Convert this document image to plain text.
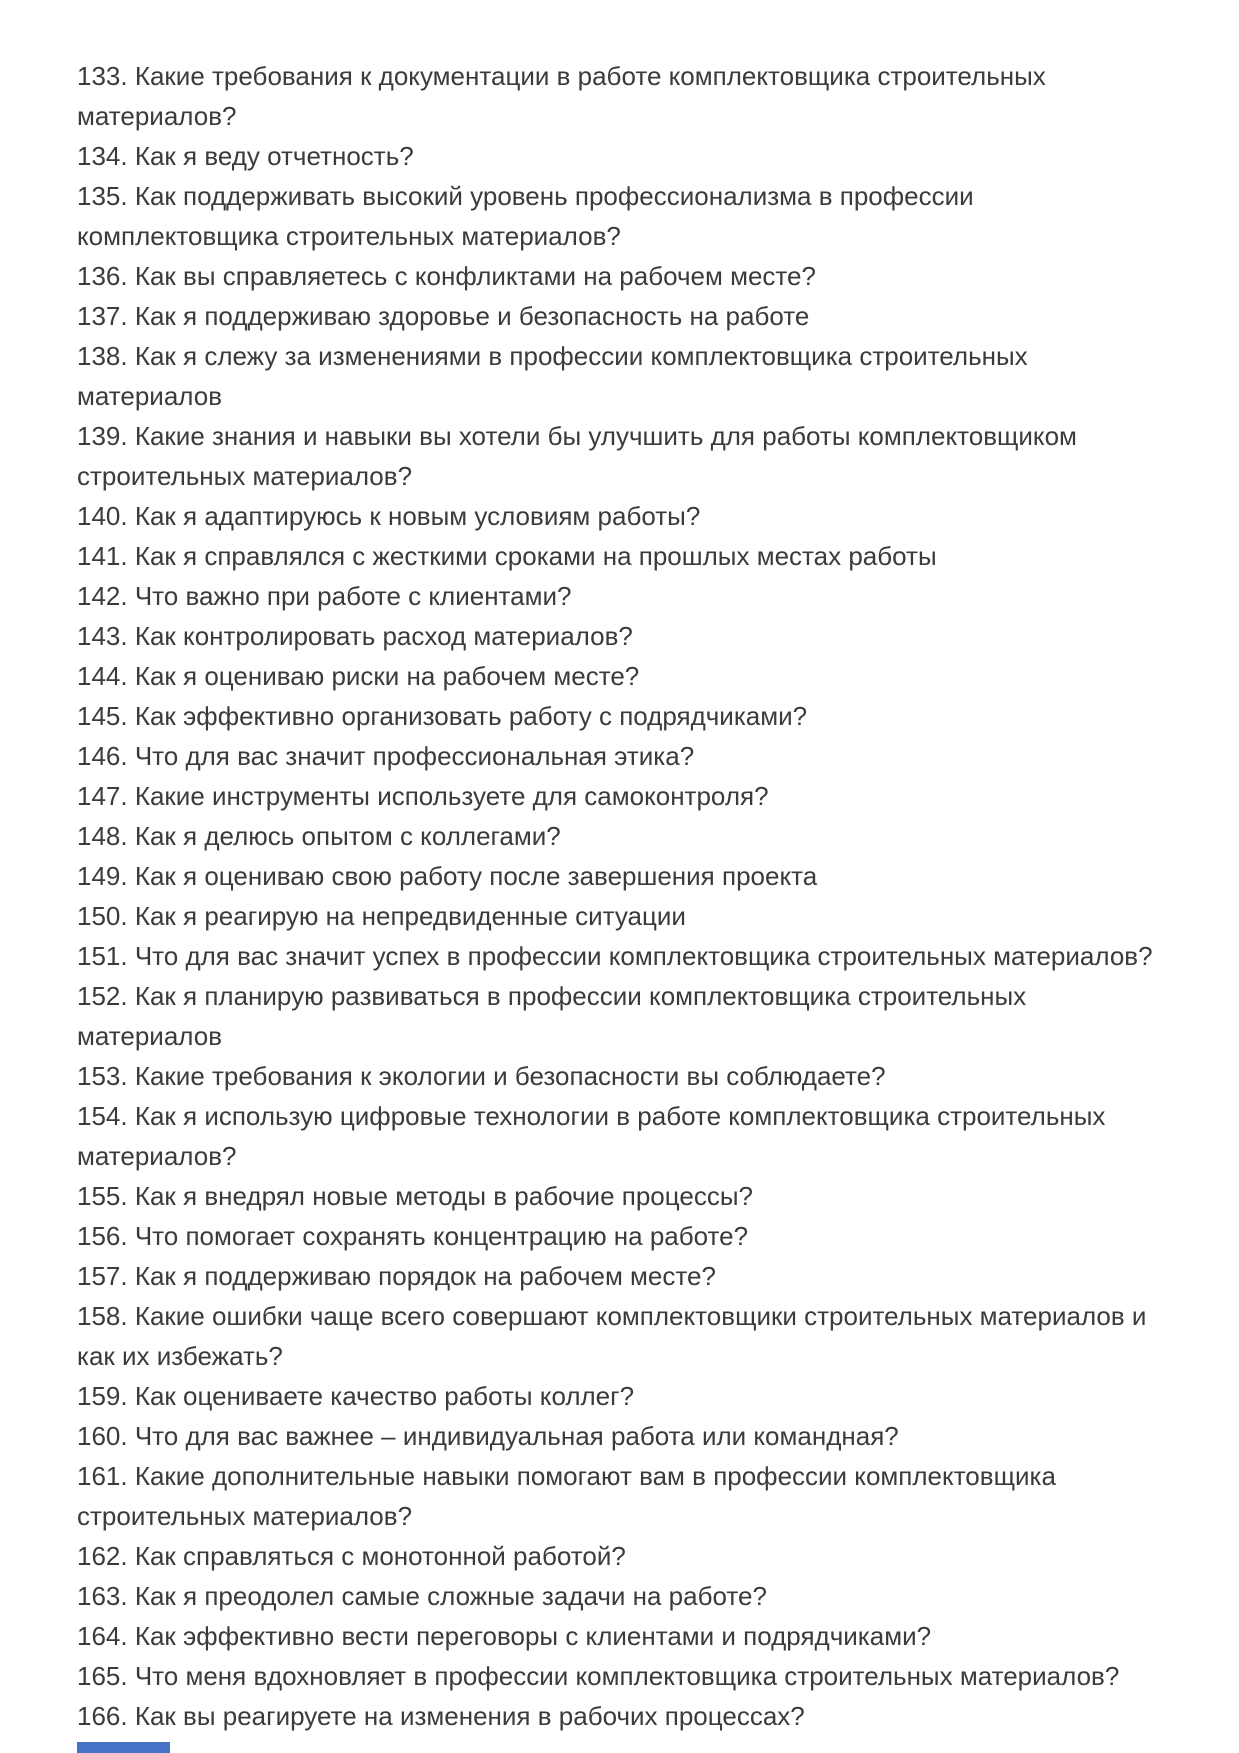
133. Какие требования к документации в работе комплектовщика строительных материалов?

134. Как я веду отчетность?

135. Как поддерживать высокий уровень профессионализма в профессии комплектовщика строительных материалов?

136. Как вы справляетесь с конфликтами на рабочем месте?

137. Как я поддерживаю здоровье и безопасность на работе

138. Как я слежу за изменениями в профессии комплектовщика строительных материалов

139. Какие знания и навыки вы хотели бы улучшить для работы комплектовщиком строительных материалов?

140. Как я адаптируюсь к новым условиям работы?

141. Как я справлялся с жесткими сроками на прошлых местах работы

142. Что важно при работе с клиентами?

143. Как контролировать расход материалов?

144. Как я оцениваю риски на рабочем месте?

145. Как эффективно организовать работу с подрядчиками?

146. Что для вас значит профессиональная этика?

147. Какие инструменты используете для самоконтроля?

148. Как я делюсь опытом с коллегами?

149. Как я оцениваю свою работу после завершения проекта

150. Как я реагирую на непредвиденные ситуации

151. Что для вас значит успех в профессии комплектовщика строительных материалов?

152. Как я планирую развиваться в профессии комплектовщика строительных материалов

153. Какие требования к экологии и безопасности вы соблюдаете?

154. Как я использую цифровые технологии в работе комплектовщика строительных материалов?

155. Как я внедрял новые методы в рабочие процессы?

156. Что помогает сохранять концентрацию на работе?

157. Как я поддерживаю порядок на рабочем месте?

158. Какие ошибки чаще всего совершают комплектовщики строительных материалов и как их избежать?

159. Как оцениваете качество работы коллег?

160. Что для вас важнее – индивидуальная работа или командная?

161. Какие дополнительные навыки помогают вам в профессии комплектовщика строительных материалов?

162. Как справляться с монотонной работой?

163. Как я преодолел самые сложные задачи на работе?

164. Как эффективно вести переговоры с клиентами и подрядчиками?

165. Что меня вдохновляет в профессии комплектовщика строительных материалов?

166. Как вы реагируете на изменения в рабочих процессах?
